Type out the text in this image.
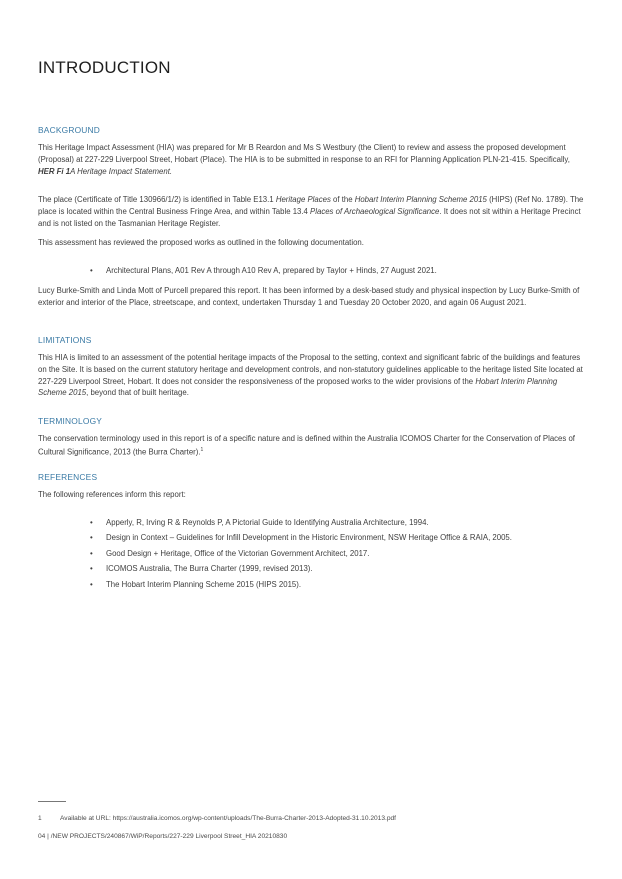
INTRODUCTION
BACKGROUND

This Heritage Impact Assessment (HIA) was prepared for Mr B Reardon and Ms S Westbury (the Client) to review and assess the proposed development (Proposal) at 227-229 Liverpool Street, Hobart (Place). The HIA is to be submitted in response to an RFI for Planning Application PLN-21-415. Specifically, HER Fi 1A Heritage Impact Statement.

The place (Certificate of Title 130966/1/2) is identified in Table E13.1 Heritage Places of the Hobart Interim Planning Scheme 2015 (HIPS) (Ref No. 1789). The place is located within the Central Business Fringe Area, and within Table 13.4 Places of Archaeological Significance. It does not sit within a Heritage Precinct and is not listed on the Tasmanian Heritage Register.

This assessment has reviewed the proposed works as outlined in the following documentation.

• Architectural Plans, A01 Rev A through A10 Rev A, prepared by Taylor + Hinds, 27 August 2021.

Lucy Burke-Smith and Linda Mott of Purcell prepared this report. It has been informed by a desk-based study and physical inspection by Lucy Burke-Smith of exterior and interior of the Place, streetscape, and context, undertaken Thursday 1 and Tuesday 20 October 2020, and again 06 August 2021.

LIMITATIONS

This HIA is limited to an assessment of the potential heritage impacts of the Proposal to the setting, context and significant fabric of the buildings and features on the Site. It is based on the current statutory heritage and development controls, and non-statutory guidelines applicable to the heritage listed Site located at 227-229 Liverpool Street, Hobart. It does not consider the responsiveness of the proposed works to the wider provisions of the Hobart Interim Planning Scheme 2015, beyond that of built heritage.

TERMINOLOGY

The conservation terminology used in this report is of a specific nature and is defined within the Australia ICOMOS Charter for the Conservation of Places of Cultural Significance, 2013 (the Burra Charter).$^1$

REFERENCES

The following references inform this report:

• Apperly, R, Irving R & Reynolds P, A Pictorial Guide to Identifying Australia Architecture, 1994.
• Design in Context – Guidelines for Infill Development in the Historic Environment, NSW Heritage Office & RAIA, 2005.
• Good Design + Heritage, Office of the Victorian Government Architect, 2017.
• ICOMOS Australia, The Burra Charter (1999, revised 2013).
• The Hobart Interim Planning Scheme 2015 (HIPS 2015).

1	Available at URL: https://australia.icomos.org/wp-content/uploads/The-Burra-Charter-2013-Adopted-31.10.2013.pdf

04 | /NEW PROJECTS/240867/WiP/Reports/227-229 Liverpool Street_HIA 20210830
